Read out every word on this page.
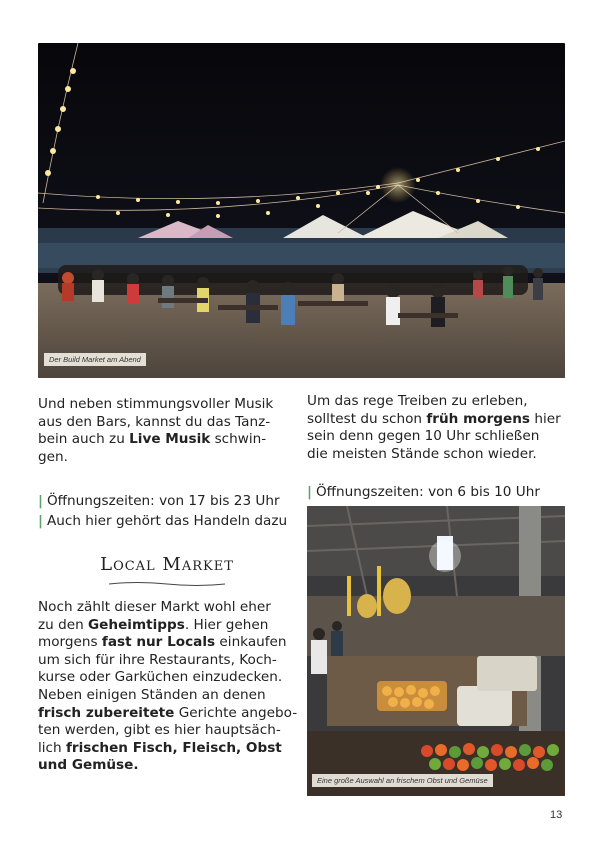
Der Build Market am Abend
Und neben stimmungsvoller Musik
aus den Bars, kannst du das Tanz-
bein auch zu Live Musik schwin-
gen.
| Öffnungszeiten: von 17 bis 23 Uhr
| Auch hier gehört das Handeln dazu
Local Market
Noch zählt dieser Markt wohl eher
zu den Geheimtipps. Hier gehen
morgens fast nur Locals einkaufen
um sich für ihre Restaurants, Koch-
kurse oder Garküchen einzudecken.
Neben einigen Ständen an denen
frisch zubereitete Gerichte angebo-
ten werden, gibt es hier hauptsäch-
lich frischen Fisch, Fleisch, Obst
und Gemüse.
Um das rege Treiben zu erleben,
solltest du schon früh morgens hier
sein denn gegen 10 Uhr schließen
die meisten Stände schon wieder.
| Öffnungszeiten: von 6 bis 10 Uhr
Eine große Auswahl an frischem Obst und Gemüse
13
